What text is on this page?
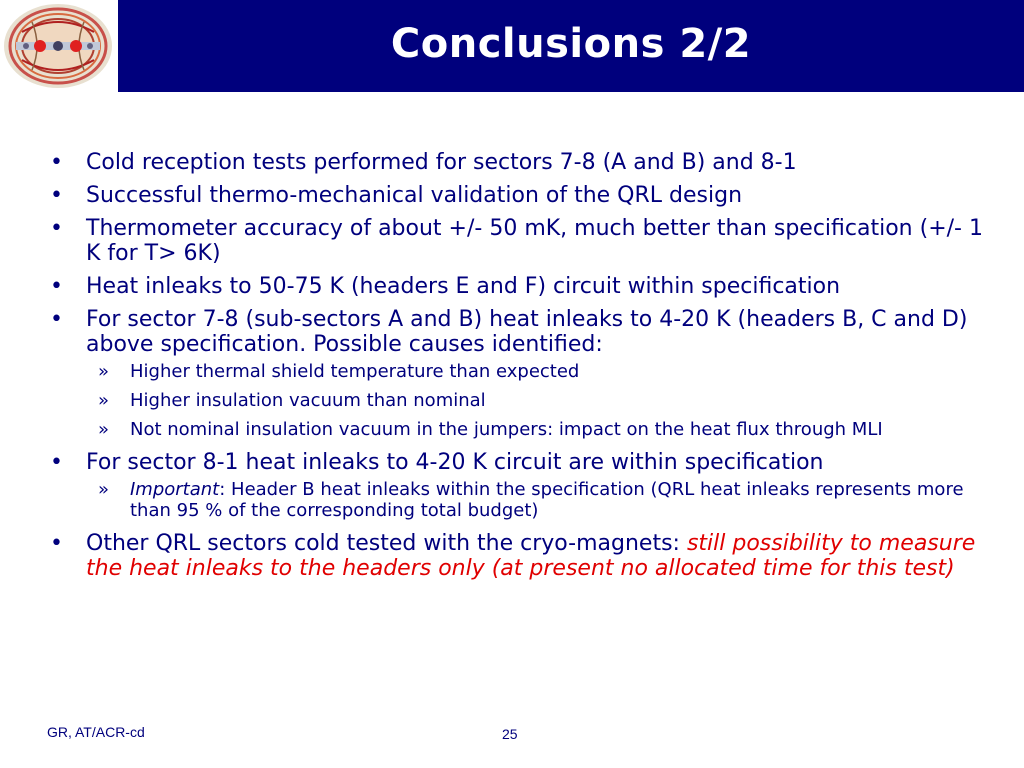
Conclusions 2/2
• Cold reception tests performed for sectors 7-8 (A and B) and 8-1
• Successful thermo-mechanical validation of the QRL design
• Thermometer accuracy of about +/- 50 mK, much better than specification (+/- 1 K for T> 6K)
• Heat inleaks to 50-75 K (headers E and F) circuit within specification
• For sector 7-8 (sub-sectors A and B) heat inleaks to 4-20 K (headers B, C and D) above specification. Possible causes identified:
» Higher thermal shield temperature than expected
» Higher insulation vacuum than nominal
» Not nominal insulation vacuum in the jumpers: impact on the heat flux through MLI
• For sector 8-1 heat inleaks to 4-20 K circuit are within specification
» Important: Header B heat inleaks within the specification (QRL heat inleaks represents more than 95 % of the corresponding total budget)
• Other QRL sectors cold tested with the cryo-magnets: still possibility to measure the heat inleaks to the headers only (at present no allocated time for this test)
GR, AT/ACR-cd	25
